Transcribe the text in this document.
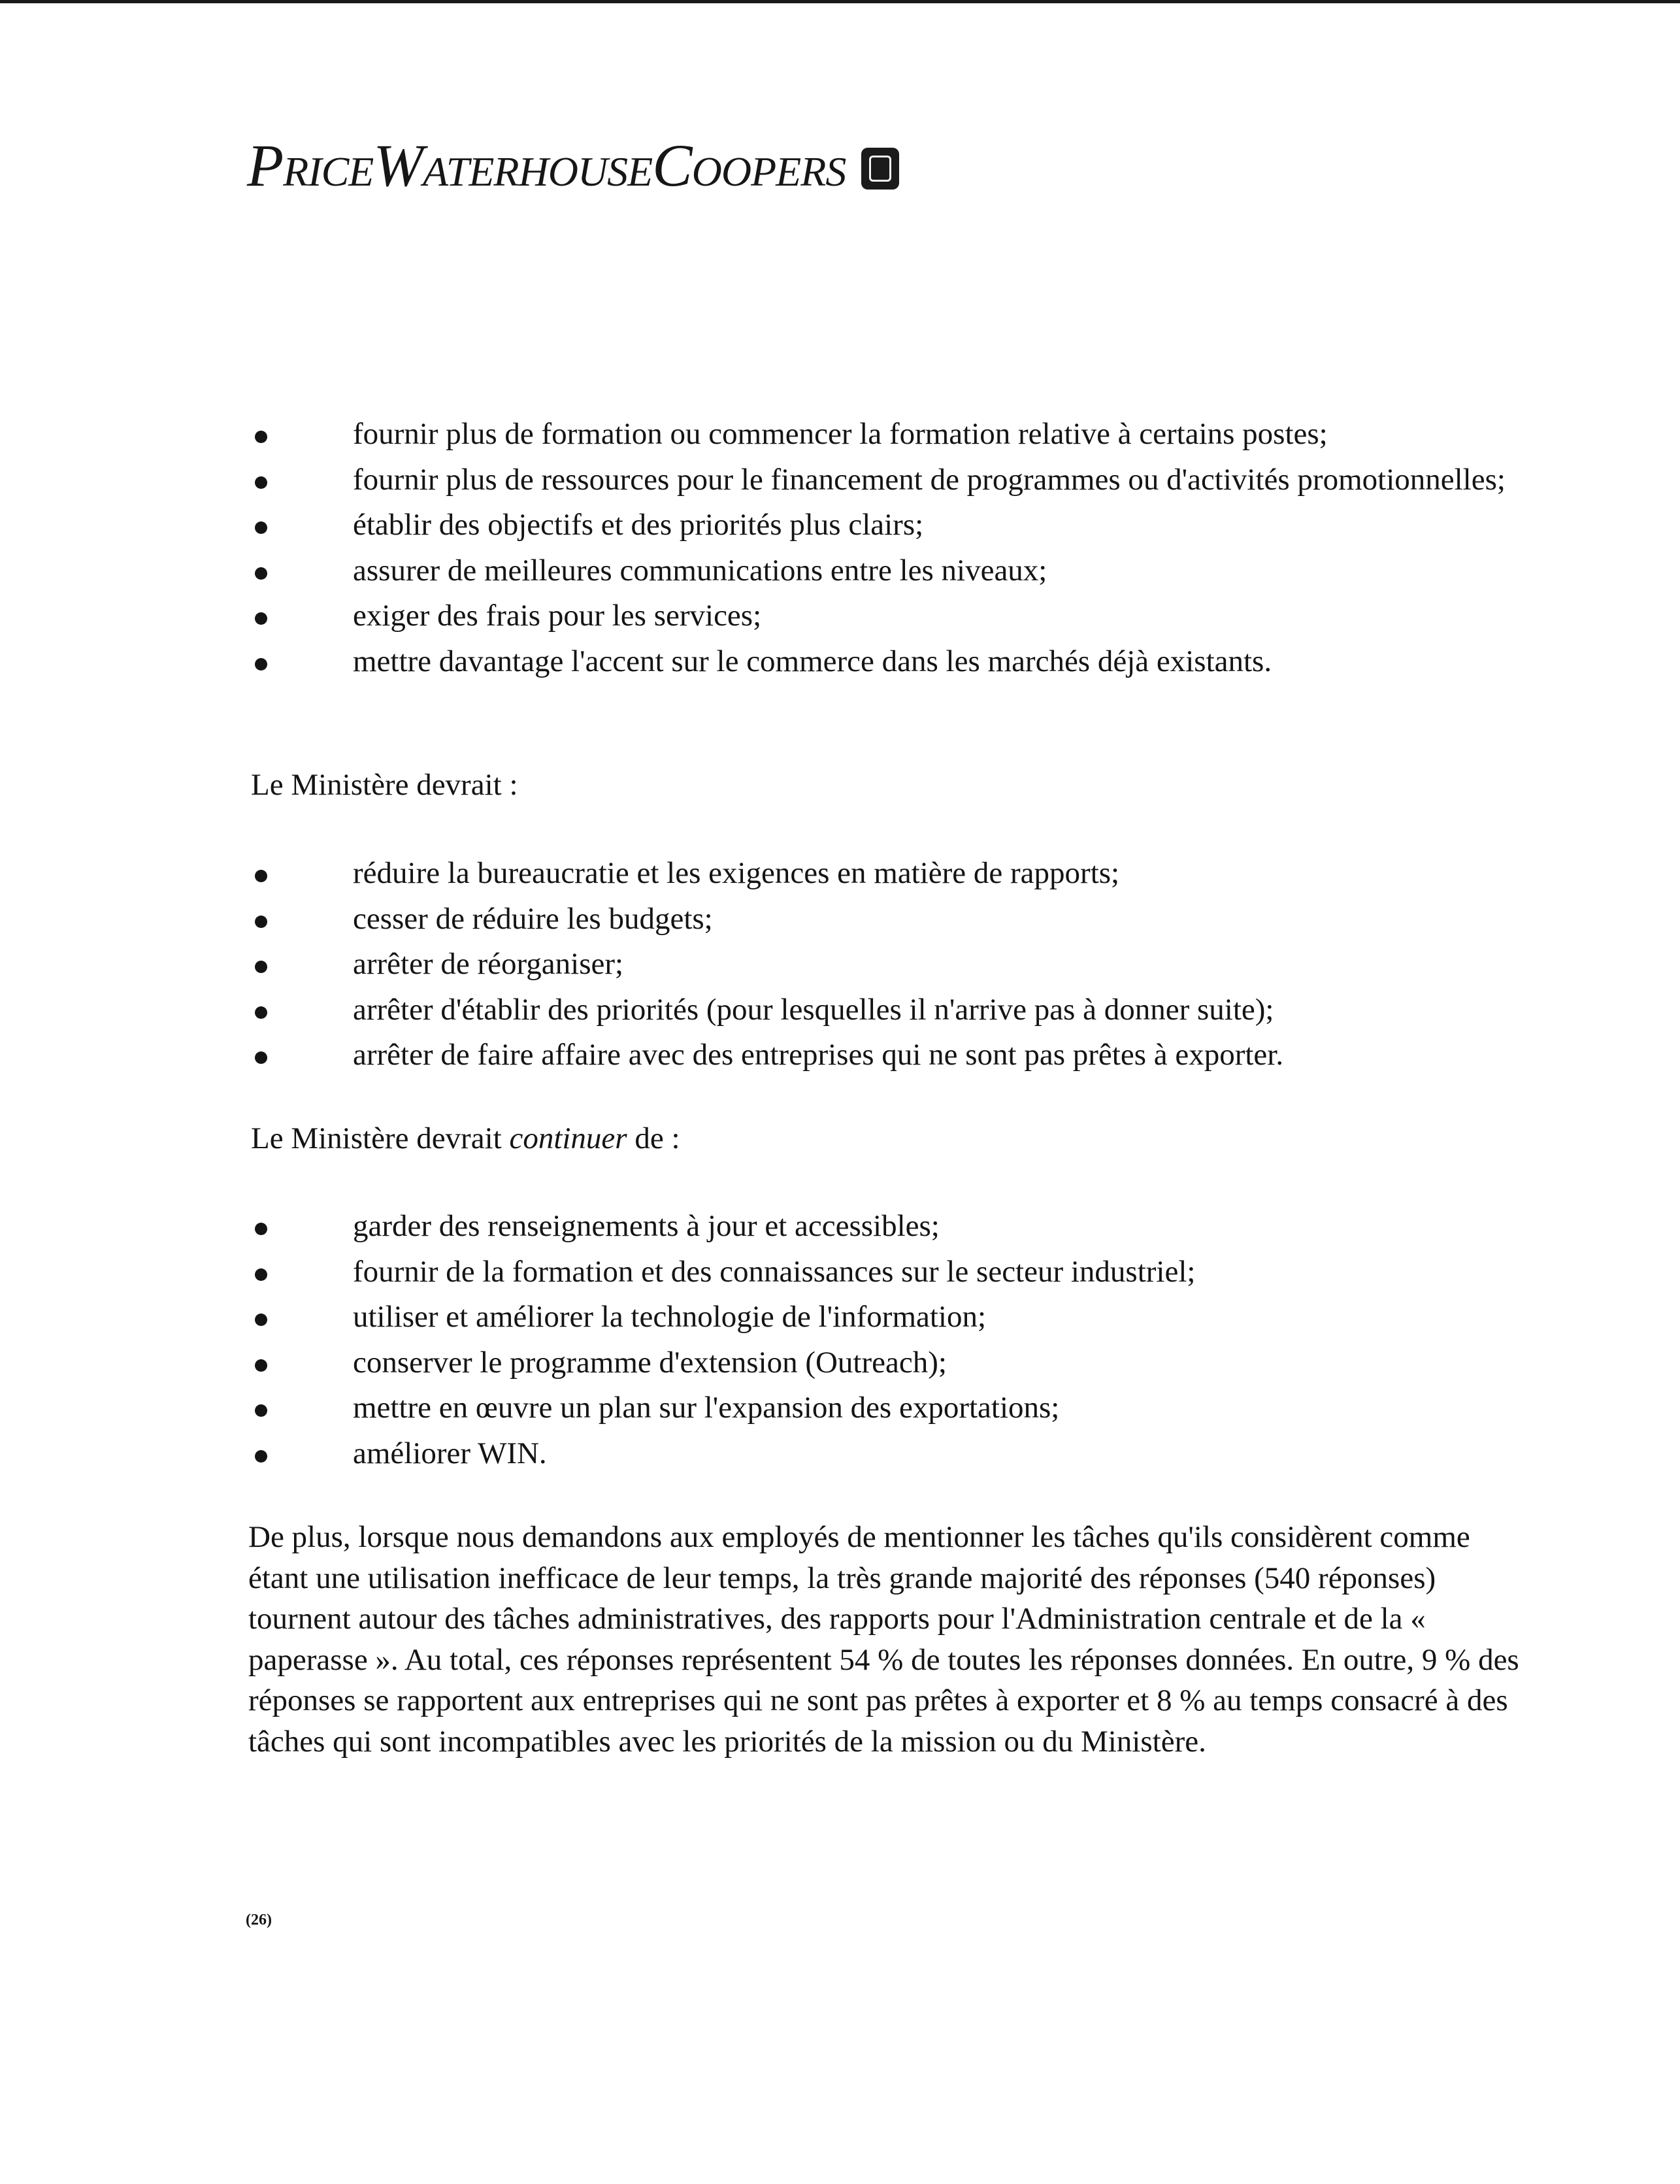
PriceWaterhouseCoopers
fournir plus de formation ou commencer la formation relative à certains postes;
fournir plus de ressources pour le financement de programmes ou d'activités promotionnelles;
établir des objectifs et des priorités plus clairs;
assurer de meilleures communications entre les niveaux;
exiger des frais pour les services;
mettre davantage l'accent sur le commerce dans les marchés déjà existants.

Le Ministère devrait :

réduire la bureaucratie et les exigences en matière de rapports;
cesser de réduire les budgets;
arrêter de réorganiser;
arrêter d'établir des priorités (pour lesquelles il n'arrive pas à donner suite);
arrêter de faire affaire avec des entreprises qui ne sont pas prêtes à exporter.

Le Ministère devrait continuer de :

garder des renseignements à jour et accessibles;
fournir de la formation et des connaissances sur le secteur industriel;
utiliser et améliorer la technologie de l'information;
conserver le programme d'extension (Outreach);
mettre en œuvre un plan sur l'expansion des exportations;
améliorer WIN.

De plus, lorsque nous demandons aux employés de mentionner les tâches qu'ils considèrent comme étant une utilisation inefficace de leur temps, la très grande majorité des réponses (540 réponses) tournent autour des tâches administratives, des rapports pour l'Administration centrale et de la « paperasse ». Au total, ces réponses représentent 54 % de toutes les réponses données. En outre, 9 % des réponses se rapportent aux entreprises qui ne sont pas prêtes à exporter et 8 % au temps consacré à des tâches qui sont incompatibles avec les priorités de la mission ou du Ministère.

(26)
